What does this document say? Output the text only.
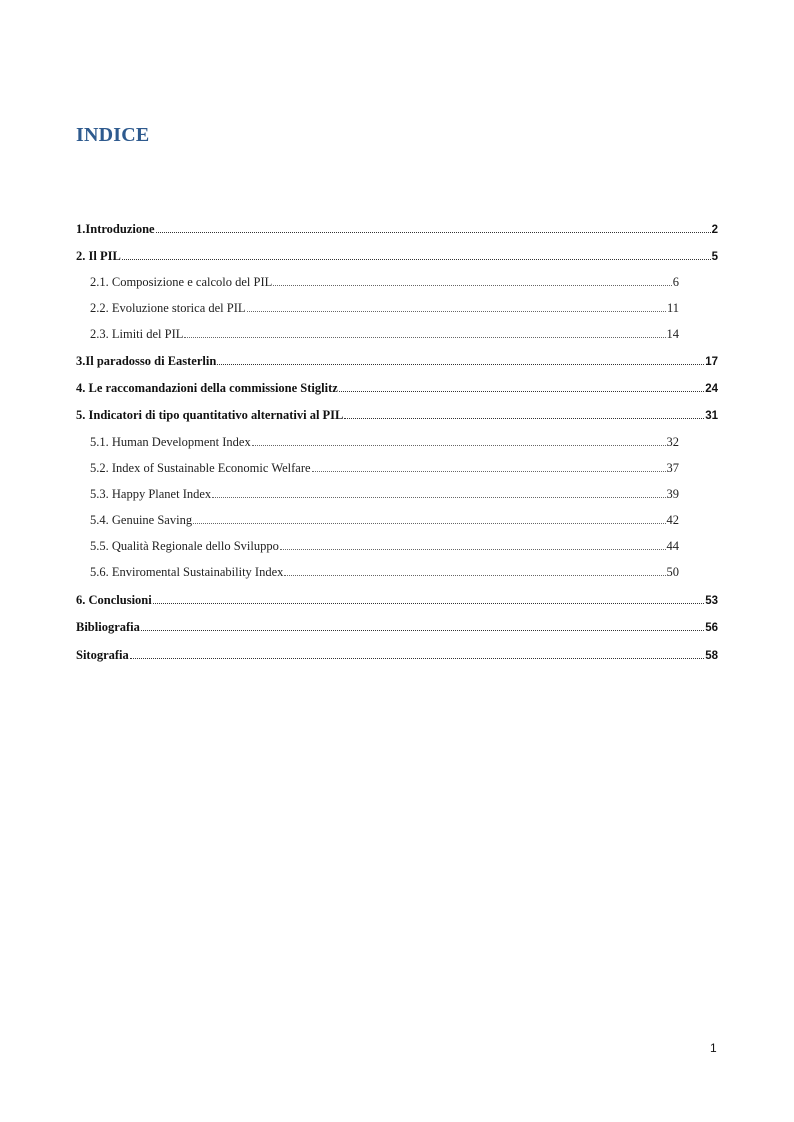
INDICE
1.Introduzione	2
2. Il PIL	5
2.1. Composizione e calcolo del PIL	6
2.2. Evoluzione storica del PIL	11
2.3. Limiti del PIL	14
3.Il paradosso di Easterlin	17
4. Le raccomandazioni della commissione Stiglitz	24
5. Indicatori di tipo quantitativo alternativi al PIL	31
5.1. Human Development Index	32
5.2. Index of Sustainable Economic Welfare	37
5.3. Happy Planet Index	39
5.4. Genuine Saving	42
5.5. Qualità Regionale dello Sviluppo	44
5.6. Enviromental Sustainability Index	50
6. Conclusioni	53
Bibliografia	56
Sitografia	58
1
